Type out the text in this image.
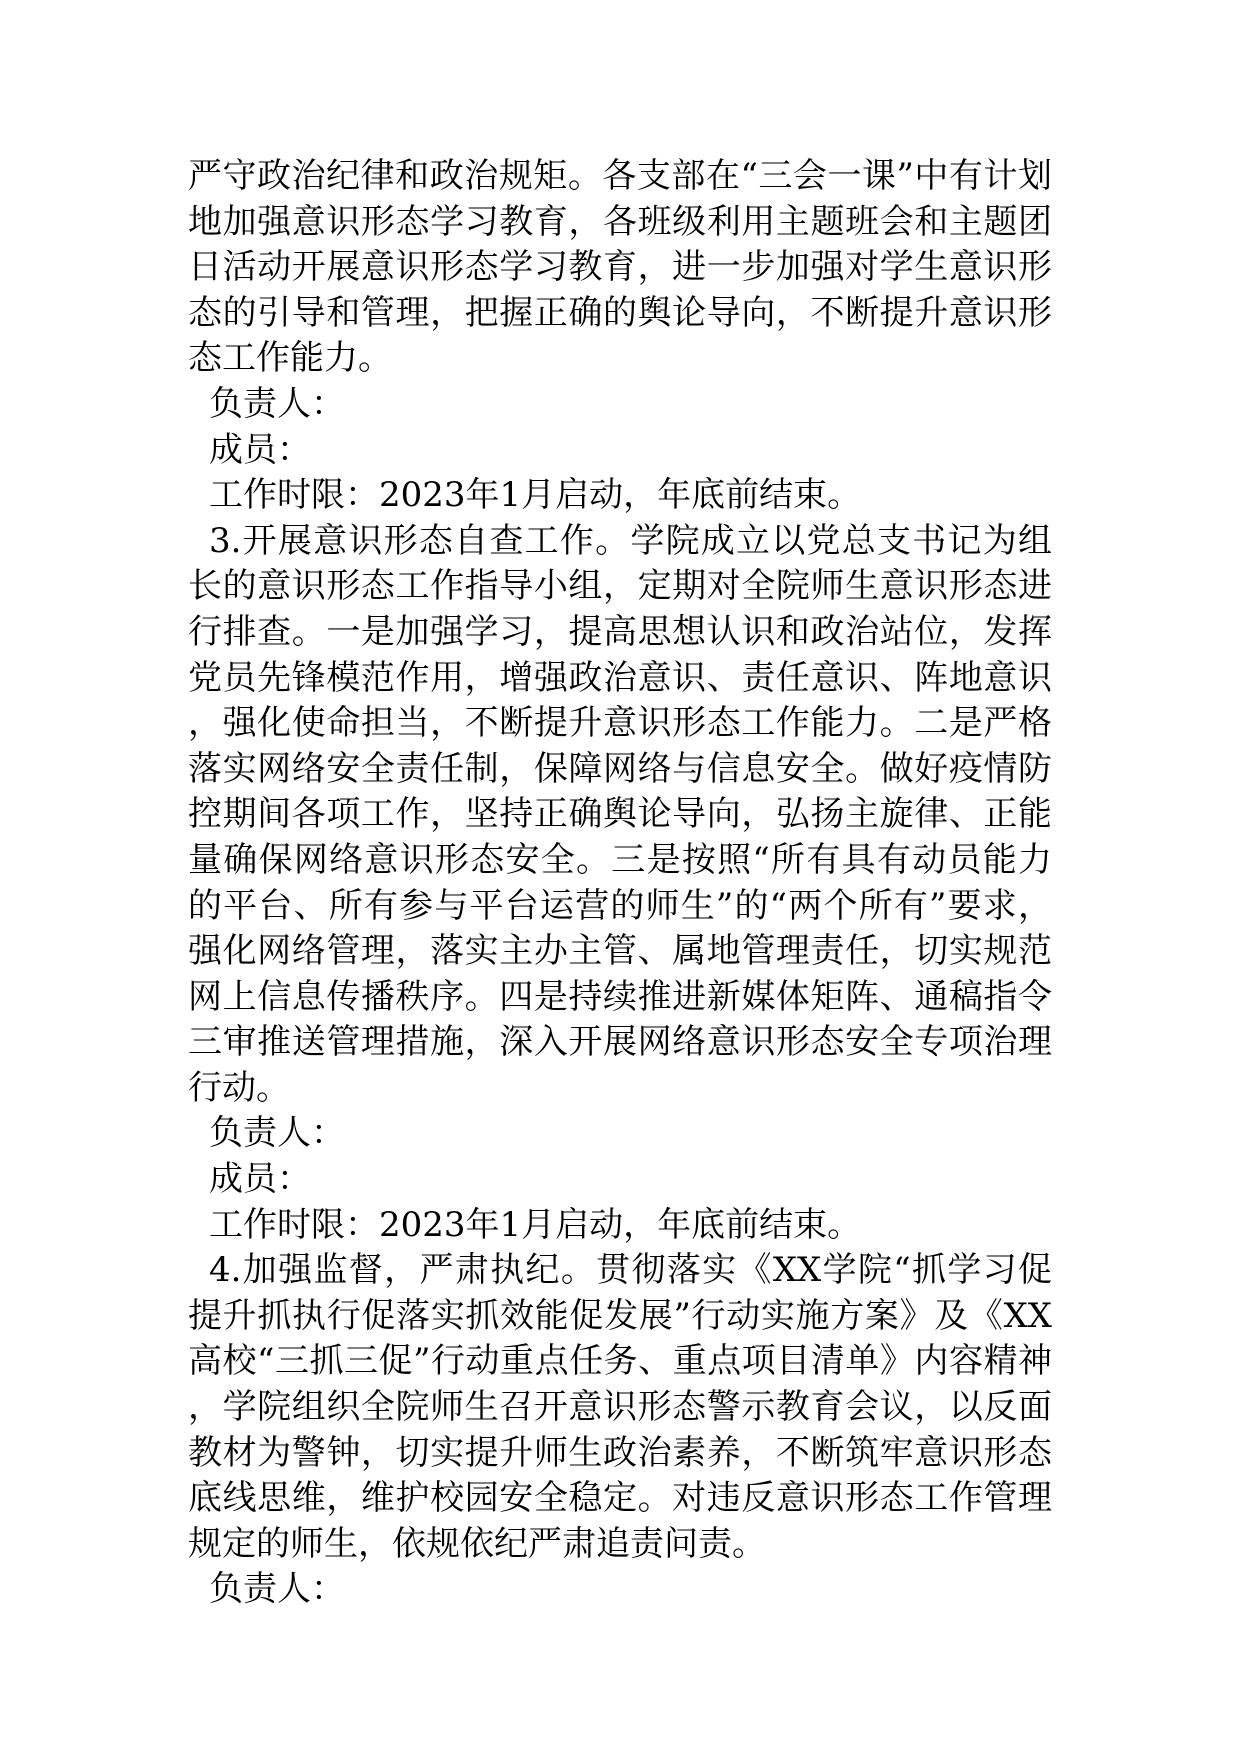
严守政治纪律和政治规矩。各支部在“三会一课”中有计划地加强意识形态学习教育，各班级利用主题班会和主题团日活动开展意识形态学习教育，进一步加强对学生意识形态的引导和管理，把握正确的舆论导向，不断提升意识形态工作能力。

负责人：

成员：

工作时限：2023年1月启动，年底前结束。

3.开展意识形态自查工作。学院成立以党总支书记为组长的意识形态工作指导小组，定期对全院师生意识形态进行排查。一是加强学习，提高思想认识和政治站位，发挥党员先锋模范作用，增强政治意识、责任意识、阵地意识，强化使命担当，不断提升意识形态工作能力。二是严格落实网络安全责任制，保障网络与信息安全。做好疫情防控期间各项工作，坚持正确舆论导向，弘扬主旋律、正能量确保网络意识形态安全。三是按照“所有具有动员能力的平台、所有参与平台运营的师生”的“两个所有”要求，强化网络管理，落实主办主管、属地管理责任，切实规范网上信息传播秩序。四是持续推进新媒体矩阵、通稿指令三审推送管理措施，深入开展网络意识形态安全专项治理行动。

负责人：

成员：

工作时限：2023年1月启动，年底前结束。

4.加强监督，严肃执纪。贯彻落实《XX学院“抓学习促提升抓执行促落实抓效能促发展”行动实施方案》及《XX高校“三抓三促”行动重点任务、重点项目清单》内容精神，学院组织全院师生召开意识形态警示教育会议，以反面教材为警钟，切实提升师生政治素养，不断筑牢意识形态底线思维，维护校园安全稳定。对违反意识形态工作管理规定的师生，依规依纪严肃追责问责。

负责人：
